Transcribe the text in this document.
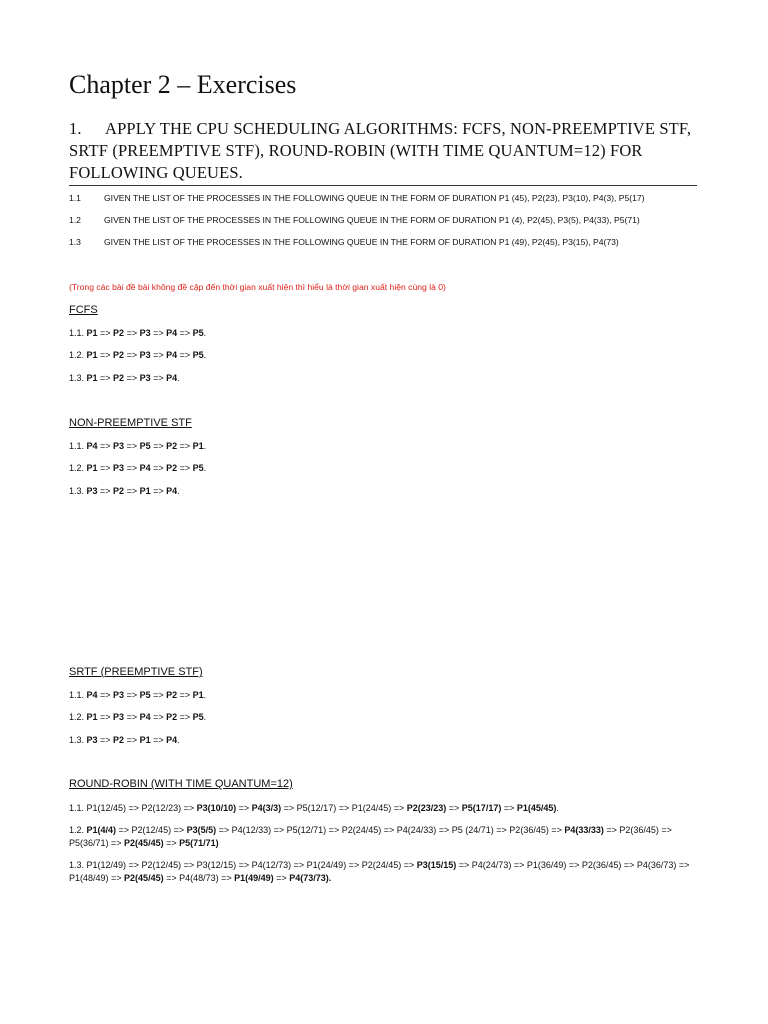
Chapter 2 – Exercises
1. APPLY THE CPU SCHEDULING ALGORITHMS: FCFS, NON-PREEMPTIVE STF, SRTF (PREEMPTIVE STF), ROUND-ROBIN (WITH TIME QUANTUM=12) FOR FOLLOWING QUEUES.
1.1	GIVEN THE LIST OF THE PROCESSES IN THE FOLLOWING QUEUE IN THE FORM OF DURATION P1 (45), P2(23), P3(10), P4(3), P5(17)
1.2	GIVEN THE LIST OF THE PROCESSES IN THE FOLLOWING QUEUE IN THE FORM OF DURATION P1 (4), P2(45), P3(5), P4(33), P5(71)
1.3	GIVEN THE LIST OF THE PROCESSES IN THE FOLLOWING QUEUE IN THE FORM OF DURATION P1 (49), P2(45), P3(15), P4(73)
(Trong các bài đề bài không đề cập đến thời gian xuất hiện thì hiểu là thời gian xuất hiện cùng là 0)
FCFS
1.1. P1 => P2 => P3 => P4 => P5.
1.2. P1 => P2 => P3 => P4 => P5.
1.3. P1 => P2 => P3 => P4.
NON-PREEMPTIVE STF
1.1. P4 => P3 => P5 => P2 => P1.
1.2. P1 => P3 => P4 => P2 => P5.
1.3. P3 => P2 => P1 => P4.
SRTF (PREEMPTIVE STF)
1.1. P4 => P3 => P5 => P2 => P1.
1.2. P1 => P3 => P4 => P2 => P5.
1.3. P3 => P2 => P1 => P4.
ROUND-ROBIN (WITH TIME QUANTUM=12)
1.1. P1(12/45) => P2(12/23) => P3(10/10) => P4(3/3) => P5(12/17) => P1(24/45) => P2(23/23) => P5(17/17) => P1(45/45).
1.2. P1(4/4) => P2(12/45) => P3(5/5) => P4(12/33) => P5(12/71) => P2(24/45) => P4(24/33) => P5 (24/71) => P2(36/45) => P4(33/33) => P2(36/45) => P5(36/71) => P2(45/45) => P5(71/71)
1.3. P1(12/49) => P2(12/45) => P3(12/15) => P4(12/73) => P1(24/49) => P2(24/45) => P3(15/15) => P4(24/73) => P1(36/49) => P2(36/45) => P4(36/73) => P1(48/49) => P2(45/45) => P4(48/73) => P1(49/49) => P4(73/73).
